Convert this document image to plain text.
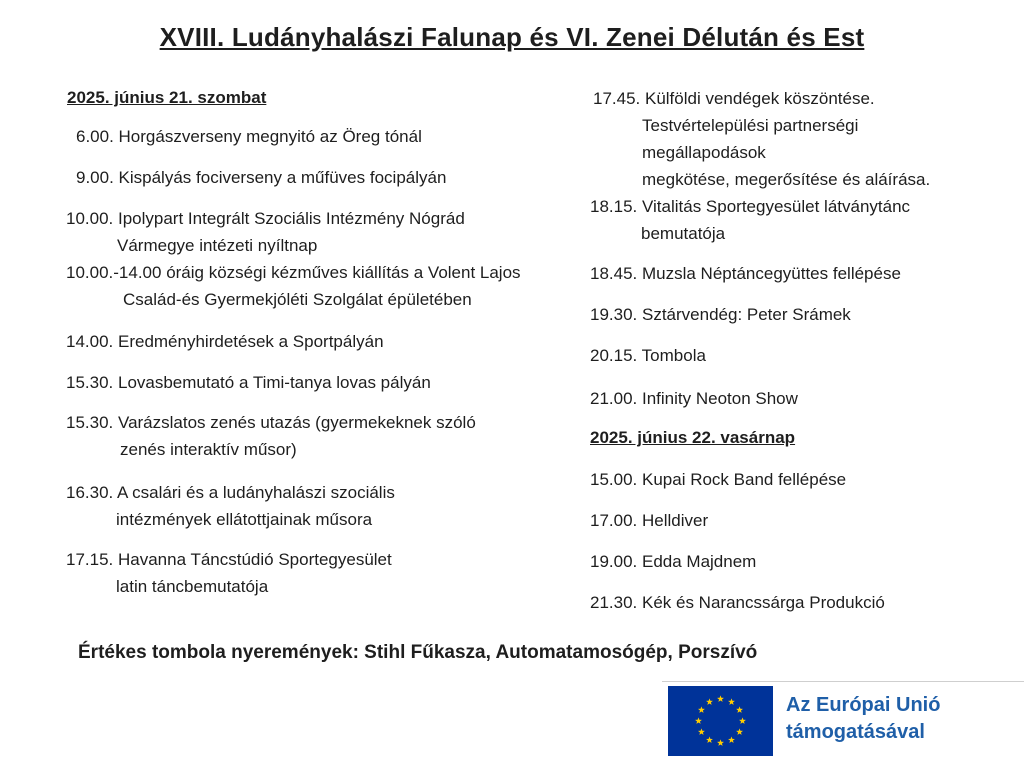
XVIII. Ludányhalászi Falunap és VI. Zenei Délután és Est
2025. június 21. szombat
6.00. Horgászverseny megnyitó az Öreg tónál
9.00. Kispályás fociverseny a műfüves focipályán
10.00. Ipolypart Integrált Szociális Intézmény Nógrád
Vármegye intézeti nyíltnap
10.00.-14.00 óráig községi kézműves kiállítás a Volent Lajos
Család-és Gyermekjóléti Szolgálat épületében
14.00. Eredményhirdetések a Sportpályán
15.30. Lovasbemutató a Timi-tanya lovas pályán
15.30. Varázslatos zenés utazás (gyermekeknek szóló
zenés interaktív műsor)
16.30. A csalári és a ludányhalászi szociális
intézmények ellátottjainak műsora
17.15. Havanna Táncstúdió Sportegyesület
latin táncbemutatója
17.45. Külföldi vendégek köszöntése.
Testvértelepülési partnerségi
megállapodások
megkötése, megerősítése és aláírása.
18.15. Vitalitás Sportegyesület látványtánc
bemutatója
18.45. Muzsla Néptáncegyüttes fellépése
19.30. Sztárvendég: Peter Srámek
20.15. Tombola
21.00. Infinity Neoton Show
2025. június 22. vasárnap
15.00. Kupai Rock Band fellépése
17.00. Helldiver
19.00. Edda Majdnem
21.30. Kék és Narancssárga Produkció
Értékes tombola nyeremények: Stihl Fűkasza, Automatamosógép, Porszívó
Az Európai Unió
támogatásával
